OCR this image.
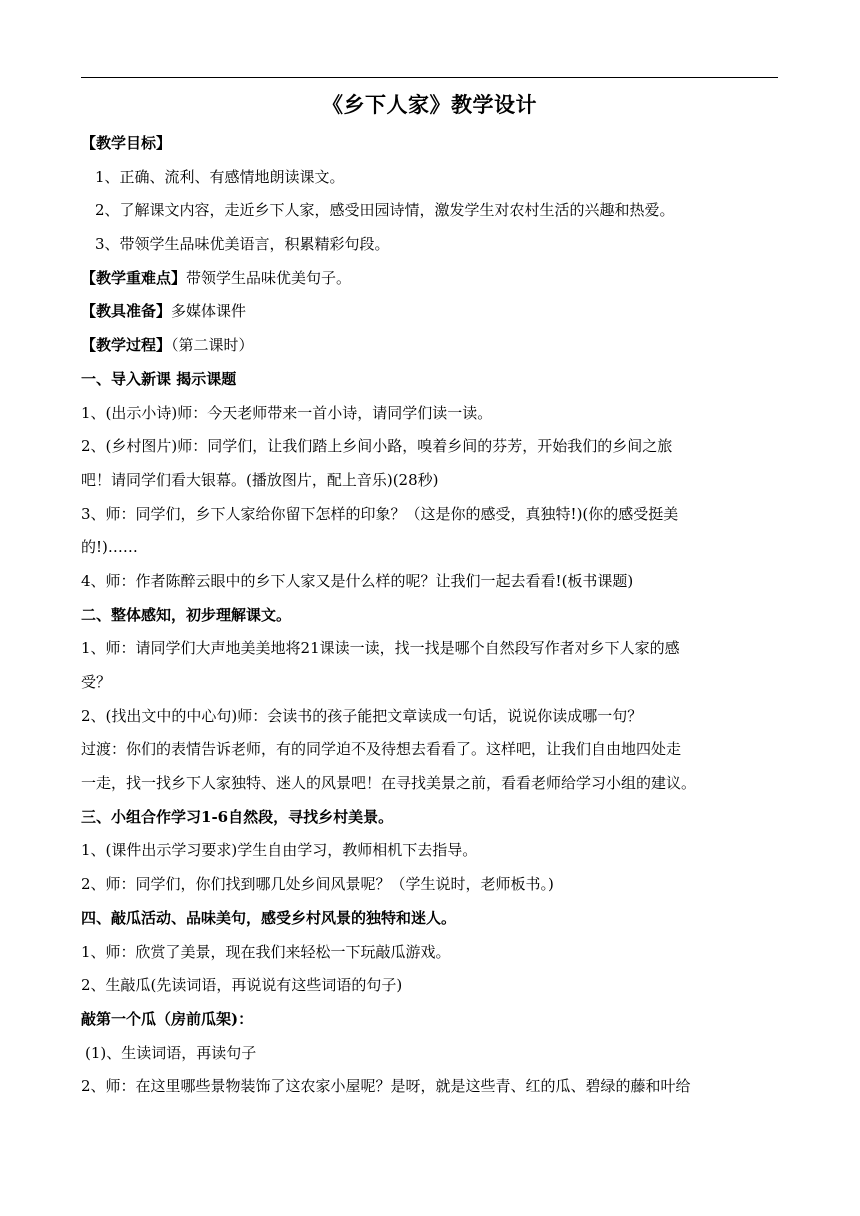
《乡下人家》教学设计
【教学目标】
1、正确、流利、有感情地朗读课文。
2、了解课文内容，走近乡下人家，感受田园诗情，激发学生对农村生活的兴趣和热爱。
3、带领学生品味优美语言，积累精彩句段。
【教学重难点】带领学生品味优美句子。
【教具准备】多媒体课件
【教学过程】（第二课时）
一、导入新课 揭示课题
1、(出示小诗)师：今天老师带来一首小诗，请同学们读一读。
2、(乡村图片)师：同学们，让我们踏上乡间小路，嗅着乡间的芬芳，开始我们的乡间之旅
吧！请同学们看大银幕。(播放图片，配上音乐)(28秒)
3、师：同学们，乡下人家给你留下怎样的印象？（这是你的感受，真独特!)(你的感受挺美
的!)……
4、师：作者陈醉云眼中的乡下人家又是什么样的呢？让我们一起去看看!(板书课题)
二、整体感知，初步理解课文。
1、师：请同学们大声地美美地将21课读一读，找一找是哪个自然段写作者对乡下人家的感
受？
2、(找出文中的中心句)师：会读书的孩子能把文章读成一句话，说说你读成哪一句？
过渡：你们的表情告诉老师，有的同学迫不及待想去看看了。这样吧，让我们自由地四处走
一走，找一找乡下人家独特、迷人的风景吧！在寻找美景之前，看看老师给学习小组的建议。
三、小组合作学习1-6自然段，寻找乡村美景。
1、(课件出示学习要求)学生自由学习，教师相机下去指导。
2、师：同学们，你们找到哪几处乡间风景呢？（学生说时，老师板书。)
四、敲瓜活动、品味美句，感受乡村风景的独特和迷人。
1、师：欣赏了美景，现在我们来轻松一下玩敲瓜游戏。
2、生敲瓜(先读词语，再说说有这些词语的句子)
敲第一个瓜（房前瓜架)：
(1)、生读词语，再读句子
2、师：在这里哪些景物装饰了这农家小屋呢？是呀，就是这些青、红的瓜、碧绿的藤和叶给
